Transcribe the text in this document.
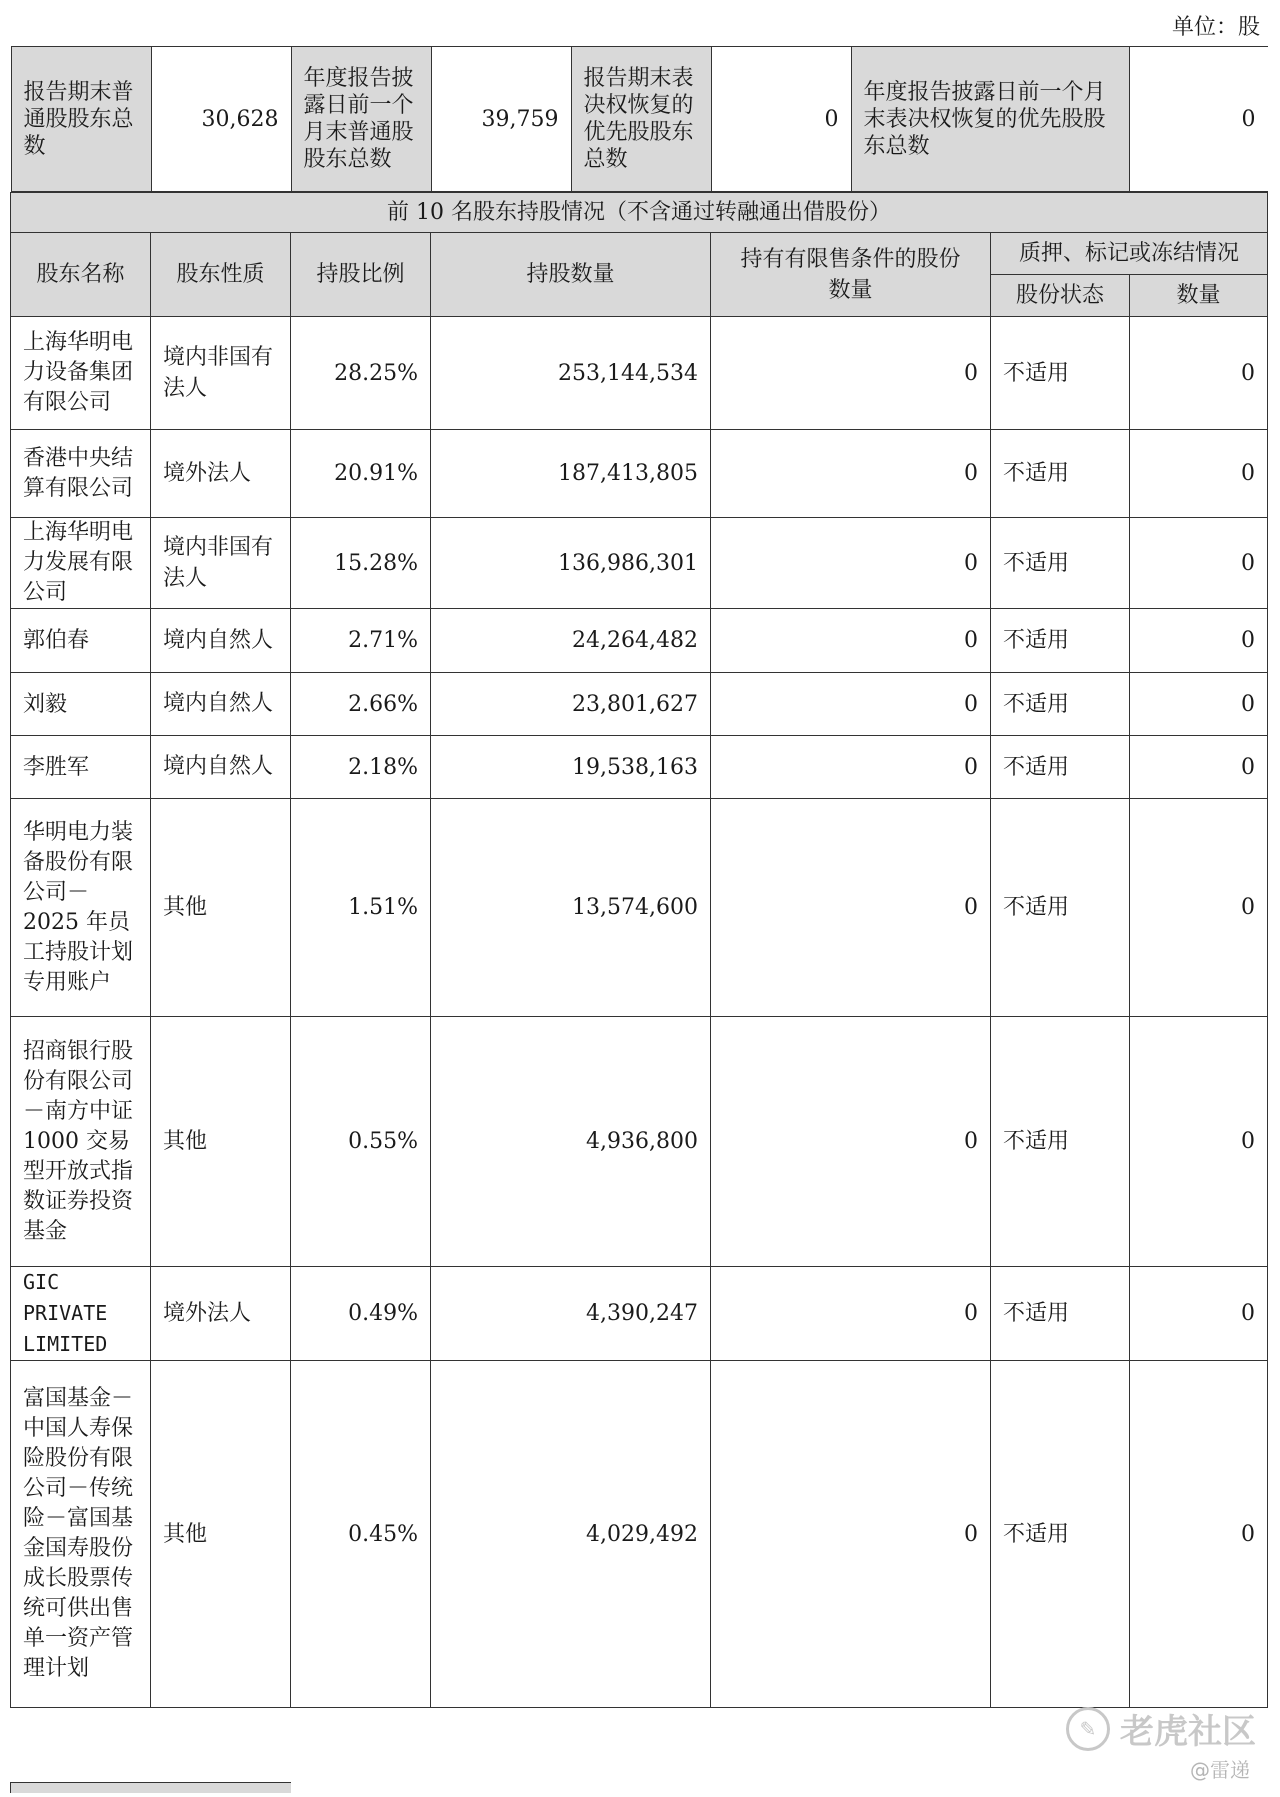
单位：股
报告期末普通股股东总数	30,628	年度报告披露日前一个月末普通股股东总数	39,759	报告期末表决权恢复的优先股股东总数	0	年度报告披露日前一个月末表决权恢复的优先股股东总数	0

前 10 名股东持股情况（不含通过转融通出借股份）
股东名称	股东性质	持股比例	持股数量	持有有限售条件的股份数量	质押、标记或冻结情况
股份状态	数量
上海华明电力设备集团有限公司	境内非国有法人	28.25%	253,144,534	0	不适用	0
香港中央结算有限公司	境外法人	20.91%	187,413,805	0	不适用	0
上海华明电力发展有限公司	境内非国有法人	15.28%	136,986,301	0	不适用	0
郭伯春	境内自然人	2.71%	24,264,482	0	不适用	0
刘毅	境内自然人	2.66%	23,801,627	0	不适用	0
李胜军	境内自然人	2.18%	19,538,163	0	不适用	0
华明电力装备股份有限公司－2025 年员工持股计划专用账户	其他	1.51%	13,574,600	0	不适用	0
招商银行股份有限公司－南方中证 1000 交易型开放式指数证券投资基金	其他	0.55%	4,936,800	0	不适用	0
GIC PRIVATE LIMITED	境外法人	0.49%	4,390,247	0	不适用	0
富国基金－中国人寿保险股份有限公司－传统险－富国基金国寿股份成长股票传统可供出售单一资产管理计划	其他	0.45%	4,029,492	0	不适用	0
✎ 老虎社区
@雷递
